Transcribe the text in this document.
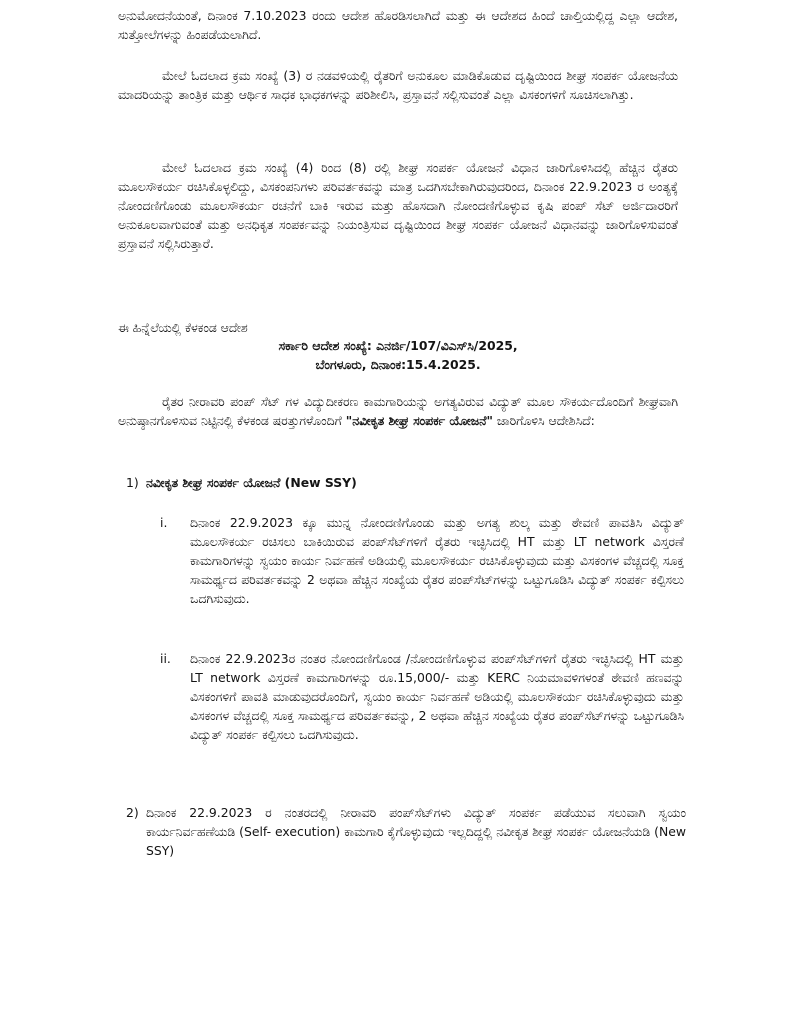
ಅನುಮೋದನೆಯಂತೆ, ದಿನಾಂಕ 7.10.2023 ರಂದು ಆದೇಶ ಹೊರಡಿಸಲಾಗಿದೆ ಮತ್ತು ಈ ಆದೇಶದ ಹಿಂದೆ ಚಾಲ್ತಿಯಲ್ಲಿದ್ದ ಎಲ್ಲಾ ಆದೇಶ, ಸುತ್ತೋಲೆಗಳನ್ನು ಹಿಂಪಡೆಯಲಾಗಿದೆ.

ಮೇಲೆ ಓದಲಾದ ಕ್ರಮ ಸಂಖ್ಯೆ (3) ರ ನಡವಳಿಯಲ್ಲಿ ರೈತರಿಗೆ ಅನುಕೂಲ ಮಾಡಿಕೊಡುವ ದೃಷ್ಟಿಯಿಂದ ಶೀಘ್ರ ಸಂಪರ್ಕ ಯೋಜನೆಯ ಮಾದರಿಯನ್ನು ತಾಂತ್ರಿಕ ಮತ್ತು ಆರ್ಥಿಕ ಸಾಧಕ ಭಾಧಕಗಳನ್ನು ಪರಿಶೀಲಿಸಿ, ಪ್ರಸ್ತಾವನೆ ಸಲ್ಲಿಸುವಂತೆ ಎಲ್ಲಾ ವಿಸಕಂಗಳಿಗೆ ಸೂಚಿಸಲಾಗಿತ್ತು.

ಮೇಲೆ ಓದಲಾದ ಕ್ರಮ ಸಂಖ್ಯೆ (4) ರಿಂದ (8) ರಲ್ಲಿ ಶೀಘ್ರ ಸಂಪರ್ಕ ಯೋಜನೆ ವಿಧಾನ ಜಾರಿಗೊಳಿಸಿದಲ್ಲಿ ಹೆಚ್ಚಿನ ರೈತರು ಮೂಲಸೌಕರ್ಯ ರಚಿಸಿಕೊಳ್ಳಲಿದ್ದು, ವಿಸಕಂಪನಿಗಳು ಪರಿವರ್ತಕವನ್ನು ಮಾತ್ರ ಒದಗಿಸಬೇಕಾಗಿರುವುದರಿಂದ, ದಿನಾಂಕ 22.9.2023 ರ ಅಂತ್ಯಕ್ಕೆ ನೋಂದಣಿಗೊಂಡು ಮೂಲಸೌಕರ್ಯ ರಚನೆಗೆ ಬಾಕಿ ಇರುವ ಮತ್ತು ಹೊಸದಾಗಿ ನೋಂದಣಿಗೊಳ್ಳುವ ಕೃಷಿ ಪಂಪ್ ಸೆಟ್ ಅರ್ಜಿದಾರರಿಗೆ ಅನುಕೂಲವಾಗುವಂತೆ ಮತ್ತು ಅನಧಿಕೃತ ಸಂಪರ್ಕವನ್ನು ನಿಯಂತ್ರಿಸುವ ದೃಷ್ಟಿಯಿಂದ ಶೀಘ್ರ ಸಂಪರ್ಕ ಯೋಜನೆ ವಿಧಾನವನ್ನು ಜಾರಿಗೊಳಿಸುವಂತೆ ಪ್ರಸ್ತಾವನೆ ಸಲ್ಲಿಸಿರುತ್ತಾರೆ.

ಈ ಹಿನ್ನೆಲೆಯಲ್ಲಿ ಕೆಳಕಂಡ ಆದೇಶ

ಸರ್ಕಾರಿ ಆದೇಶ ಸಂಖ್ಯೆ: ಎನರ್ಜಿ/107/ವಿಎಸ್‌ಸಿ/2025,

ಬೆಂಗಳೂರು, ದಿನಾಂಕ:15.4.2025.

ರೈತರ ನೀರಾವರಿ ಪಂಪ್ ಸೆಟ್ ಗಳ ವಿದ್ಯುದೀಕರಣ ಕಾಮಗಾರಿಯನ್ನು ಅಗತ್ಯವಿರುವ ವಿದ್ಯುತ್ ಮೂಲ ಸೌಕರ್ಯದೊಂದಿಗೆ ಶೀಘ್ರವಾಗಿ ಅನುಷ್ಠಾನಗೊಳಿಸುವ ನಿಟ್ಟಿನಲ್ಲಿ ಕೆಳಕಂಡ ಷರತ್ತುಗಳೊಂದಿಗೆ "ನವೀಕೃತ ಶೀಘ್ರ ಸಂಪರ್ಕ ಯೋಜನೆ" ಜಾರಿಗೊಳಿಸಿ ಆದೇಶಿಸಿದೆ:

1) ನವೀಕೃತ ಶೀಘ್ರ ಸಂಪರ್ಕ ಯೋಜನೆ (New SSY)

i. ದಿನಾಂಕ 22.9.2023 ಕ್ಕೂ ಮುನ್ನ ನೋಂದಣಿಗೊಂಡು ಮತ್ತು ಅಗತ್ಯ ಶುಲ್ಕ ಮತ್ತು ಠೇವಣಿ ಪಾವತಿಸಿ ವಿದ್ಯುತ್ ಮೂಲಸೌಕರ್ಯ ರಚಿಸಲು ಬಾಕಿಯಿರುವ ಪಂಪ್‌ಸೆಟ್‌ಗಳಿಗೆ ರೈತರು ಇಚ್ಛಿಸಿದಲ್ಲಿ HT ಮತ್ತು LT network ವಿಸ್ತರಣೆ ಕಾಮಗಾರಿಗಳನ್ನು ಸ್ವಯಂ ಕಾರ್ಯ ನಿರ್ವಹಣೆ ಅಡಿಯಲ್ಲಿ ಮೂಲಸೌಕರ್ಯ ರಚಿಸಿಕೊಳ್ಳುವುದು ಮತ್ತು ವಿಸಕಂಗಳ ವೆಚ್ಚದಲ್ಲಿ ಸೂಕ್ತ ಸಾಮರ್ಥ್ಯದ ಪರಿವರ್ತಕವನ್ನು 2 ಅಥವಾ ಹೆಚ್ಚಿನ ಸಂಖ್ಯೆಯ ರೈತರ ಪಂಪ್‌ಸೆಟ್‌ಗಳನ್ನು ಒಟ್ಟುಗೂಡಿಸಿ ವಿದ್ಯುತ್ ಸಂಪರ್ಕ ಕಲ್ಪಿಸಲು ಒದಗಿಸುವುದು.

ii. ದಿನಾಂಕ 22.9.2023ರ ನಂತರ ನೋಂದಣಿಗೊಂಡ /ನೋಂದಣಿಗೊಳ್ಳುವ ಪಂಪ್‌ಸೆಟ್‌ಗಳಿಗೆ ರೈತರು ಇಚ್ಛಿಸಿದಲ್ಲಿ HT ಮತ್ತು LT network ವಿಸ್ತರಣೆ ಕಾಮಗಾರಿಗಳನ್ನು ರೂ.15,000/- ಮತ್ತು KERC ನಿಯಮಾವಳಿಗಳಂತೆ ಠೇವಣಿ ಹಣವನ್ನು ವಿಸಕಂಗಳಿಗೆ ಪಾವತಿ ಮಾಡುವುದರೊಂದಿಗೆ, ಸ್ವಯಂ ಕಾರ್ಯ ನಿರ್ವಹಣೆ ಅಡಿಯಲ್ಲಿ ಮೂಲಸೌಕರ್ಯ ರಚಿಸಿಕೊಳ್ಳುವುದು ಮತ್ತು ವಿಸಕಂಗಳ ವೆಚ್ಚದಲ್ಲಿ ಸೂಕ್ತ ಸಾಮರ್ಥ್ಯದ ಪರಿವರ್ತಕವನ್ನು, 2 ಅಥವಾ ಹೆಚ್ಚಿನ ಸಂಖ್ಯೆಯ ರೈತರ ಪಂಪ್‌ಸೆಟ್‌ಗಳನ್ನು ಒಟ್ಟುಗೂಡಿಸಿ ವಿದ್ಯುತ್ ಸಂಪರ್ಕ ಕಲ್ಪಿಸಲು ಒದಗಿಸುವುದು.

2) ದಿನಾಂಕ 22.9.2023 ರ ನಂತರದಲ್ಲಿ ನೀರಾವರಿ ಪಂಪ್‌ಸೆಟ್‌ಗಳು ವಿದ್ಯುತ್ ಸಂಪರ್ಕ ಪಡೆಯುವ ಸಲುವಾಗಿ ಸ್ವಯಂ ಕಾರ್ಯನಿರ್ವಹಣೆಯಡಿ (Self- execution) ಕಾಮಗಾರಿ ಕೈಗೊಳ್ಳುವುದು ಇಲ್ಲದಿದ್ದಲ್ಲಿ ನವೀಕೃತ ಶೀಘ್ರ ಸಂಪರ್ಕ ಯೋಜನೆಯಡಿ (New SSY)
